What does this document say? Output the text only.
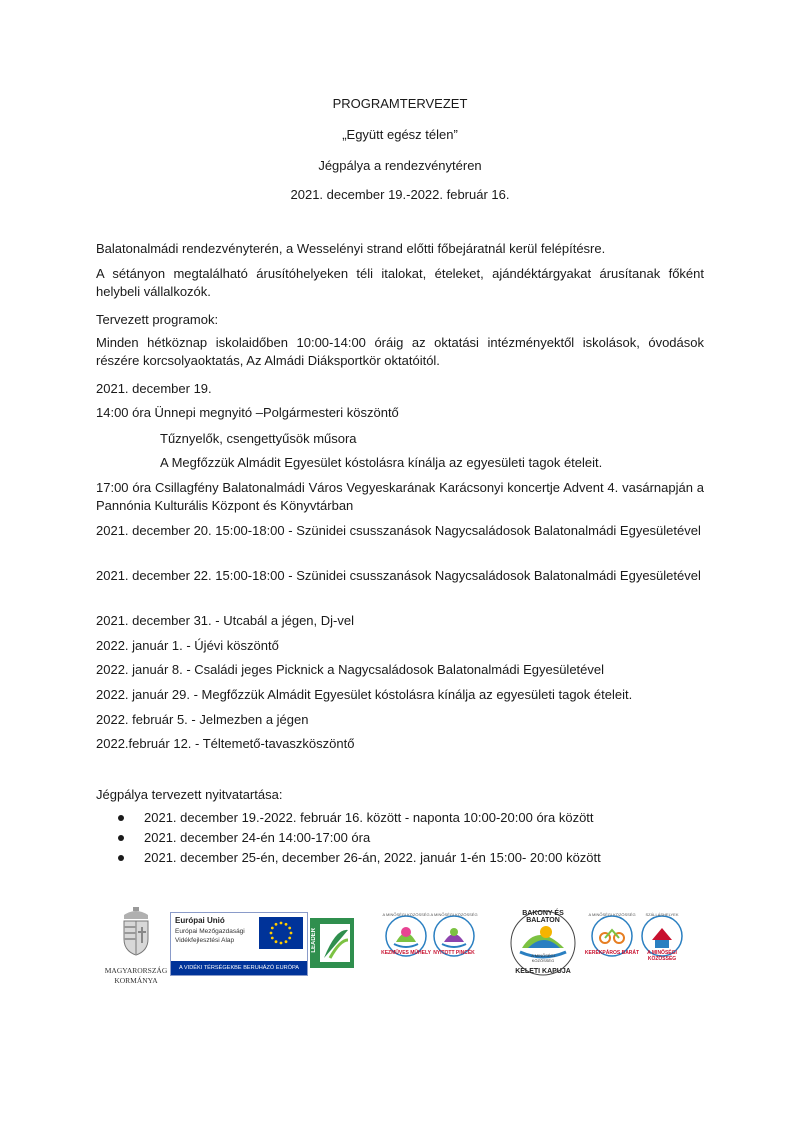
PROGRAMTERVEZET
„Együtt egész télen”
Jégpálya a rendezvénytéren
2021. december 19.-2022. február 16.

Balatonalmádi rendezvényterén, a Wesselényi strand előtti főbejáratnál kerül felépítésre.

A sétányon megtalálható árusítóhelyeken téli italokat, ételeket, ajándéktárgyakat árusítanak főként helybeli vállalkozók.

Tervezett programok:

Minden hétköznap iskolaidőben 10:00-14:00 óráig az oktatási intézményektől iskolások, óvodások részére korcsolyaoktatás, Az Almádi Diáksportkör oktatóitól.

2021. december 19.

14:00 óra Ünnepi megnyitó –Polgármesteri köszöntő

Tűznyelők, csengettyűsök műsora

A Megfőzzük Almádit Egyesület kóstolásra kínálja az egyesületi tagok ételeit.

17:00 óra Csillagfény Balatonalmádi Város Vegyeskarának Karácsonyi koncertje Advent 4. vasárnapján a Pannónia Kulturális Központ és Könyvtárban

2021. december 20. 15:00-18:00 - Szünidei csusszanások Nagycsaládosok Balatonalmádi Egyesületével

2021. december 22. 15:00-18:00 - Szünidei csusszanások Nagycsaládosok Balatonalmádi Egyesületével

2021. december 31. - Utcabál a jégen, Dj-vel

2022. január 1. - Újévi köszöntő

2022. január 8. - Családi jeges Picknick a Nagycsaládosok Balatonalmádi Egyesületével

2022. január 29. - Megfőzzük Almádit Egyesület kóstolásra kínálja az egyesületi tagok ételeit.

2022. február 5. - Jelmezben a jégen

2022.február 12. - Téltemető-tavaszköszöntő

Jégpálya tervezett nyitvatartása:

2021. december 19.-2022. február 16. között - naponta 10:00-20:00 óra között
2021. december 24-én 14:00-17:00 óra
2021. december 25-én, december 26-án, 2022. január 1-én 15:00- 20:00 között
MAGYARORSZÁG
KORMÁNYA
Európai Unió
Európai Mezőgazdasági
Vidékfejlesztési Alap
A VIDÉKI TÉRSÉGEKBE BERUHÁZÓ EURÓPA
LEADER
A MINŐSÉGI KÖZÖSSÉG
KEZMŰVES MŰHELY
A MINŐSÉGI KÖZÖSSÉG
NYITOTT PINCÉK
BAKONY ÉS BALATON
A MINŐSÉGI
KÖZÖSSÉG
KELETI KAPUJA
A MINŐSÉGI KÖZÖSSÉG
KERÉKPÁROS BARÁT
SZÁLLÁSHELYEK
A MINŐSÉGI KÖZÖSSÉG
